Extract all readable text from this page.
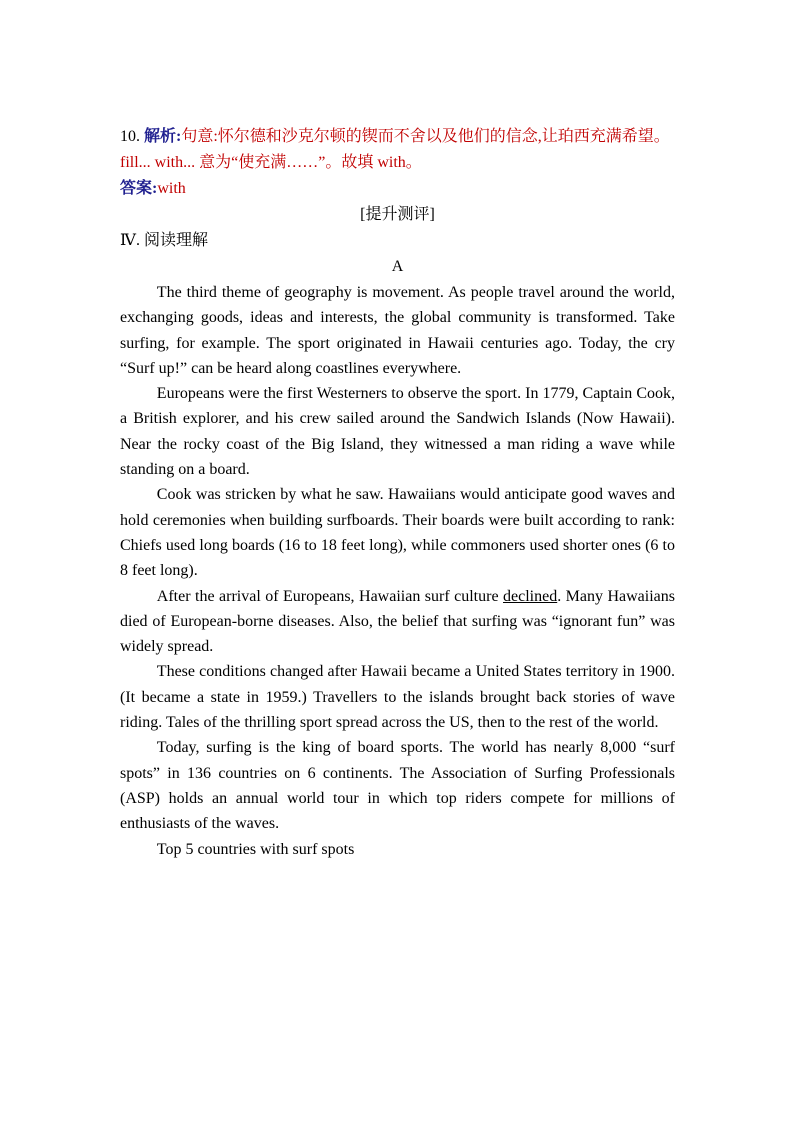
10. 解析:句意:怀尔德和沙克尔顿的锲而不舍以及他们的信念,让珀西充满希望。fill... with... 意为“使充满……”。故填 with。

答案:with

[提升测评]

Ⅳ. 阅读理解

A

The third theme of geography is movement. As people travel around the world, exchanging goods, ideas and interests, the global community is transformed. Take surfing, for example. The sport originated in Hawaii centuries ago. Today, the cry “Surf up!” can be heard along coastlines everywhere.

Europeans were the first Westerners to observe the sport. In 1779, Captain Cook, a British explorer, and his crew sailed around the Sandwich Islands (Now Hawaii). Near the rocky coast of the Big Island, they witnessed a man riding a wave while standing on a board.

Cook was stricken by what he saw. Hawaiians would anticipate good waves and hold ceremonies when building surfboards. Their boards were built according to rank: Chiefs used long boards (16 to 18 feet long), while commoners used shorter ones (6 to 8 feet long).

After the arrival of Europeans, Hawaiian surf culture declined. Many Hawaiians died of European-borne diseases. Also, the belief that surfing was “ignorant fun” was widely spread.

These conditions changed after Hawaii became a United States territory in 1900. (It became a state in 1959.) Travellers to the islands brought back stories of wave riding. Tales of the thrilling sport spread across the US, then to the rest of the world.

Today, surfing is the king of board sports. The world has nearly 8,000 “surf spots” in 136 countries on 6 continents. The Association of Surfing Professionals (ASP) holds an annual world tour in which top riders compete for millions of enthusiasts of the waves.

Top 5 countries with surf spots
